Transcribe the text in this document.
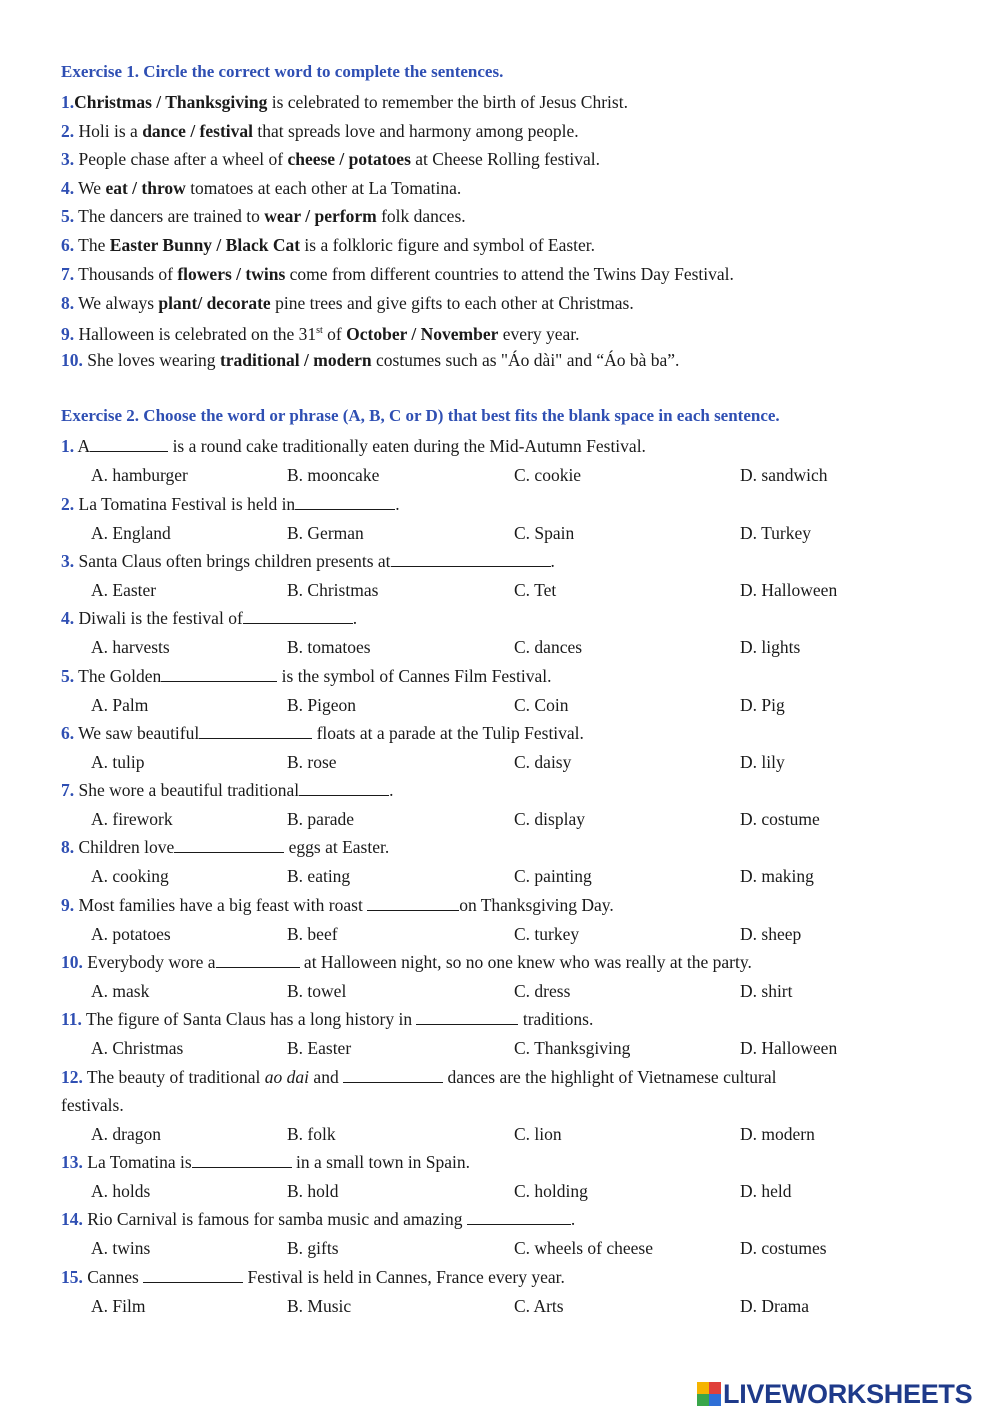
Exercise 1. Circle the correct word to complete the sentences.
1.Christmas / Thanksgiving is celebrated to remember the birth of Jesus Christ.
2. Holi is a dance / festival that spreads love and harmony among people.
3. People chase after a wheel of cheese / potatoes at Cheese Rolling festival.
4. We eat / throw tomatoes at each other at La Tomatina.
5. The dancers are trained to wear / perform folk dances.
6. The Easter Bunny / Black Cat is a folkloric figure and symbol of Easter.
7. Thousands of flowers / twins come from different countries to attend the Twins Day Festival.
8. We always plant/ decorate pine trees and give gifts to each other at Christmas.
9. Halloween is celebrated on the 31st of October / November every year.
10. She loves wearing traditional / modern costumes such as "Áo dài" and “Áo bà ba”.
Exercise 2. Choose the word or phrase (A, B, C or D) that best fits the blank space in each sentence.
1. A	is a round cake traditionally eaten during the Mid-Autumn Festival.
A. hamburger	B. mooncake	C. cookie	D. sandwich
2. La Tomatina Festival is held in	.
A. England	B. German	C. Spain	D. Turkey
3. Santa Claus often brings children presents at	.
A. Easter	B. Christmas	C. Tet	D. Halloween
4. Diwali is the festival of	.
A. harvests	B. tomatoes	C. dances	D. lights
5. The Golden	is the symbol of Cannes Film Festival.
A. Palm	B. Pigeon	C. Coin	D. Pig
6. We saw beautiful	floats at a parade at the Tulip Festival.
A. tulip	B. rose	C. daisy	D. lily
7. She wore a beautiful traditional	.
A. firework	B. parade	C. display	D. costume
8. Children love	eggs at Easter.
A. cooking	B. eating	C. painting	D. making
9. Most families have a big feast with roast	on Thanksgiving Day.
A. potatoes	B. beef	C. turkey	D. sheep
10. Everybody wore a	at Halloween night, so no one knew who was really at the party.
A. mask	B. towel	C. dress	D. shirt
11. The figure of Santa Claus has a long history in	traditions.
A. Christmas	B. Easter	C. Thanksgiving	D. Halloween
12. The beauty of traditional ao dai and	dances are the highlight of Vietnamese cultural
festivals.
A. dragon	B. folk	C. lion	D. modern
13. La Tomatina is	in a small town in Spain.
A. holds	B. hold	C. holding	D. held
14. Rio Carnival is famous for samba music and amazing	.
A. twins	B. gifts	C. wheels of cheese	D. costumes
15. Cannes	Festival is held in Cannes, France every year.
A. Film	B. Music	C. Arts	D. Drama
LIVEWORKSHEETS
